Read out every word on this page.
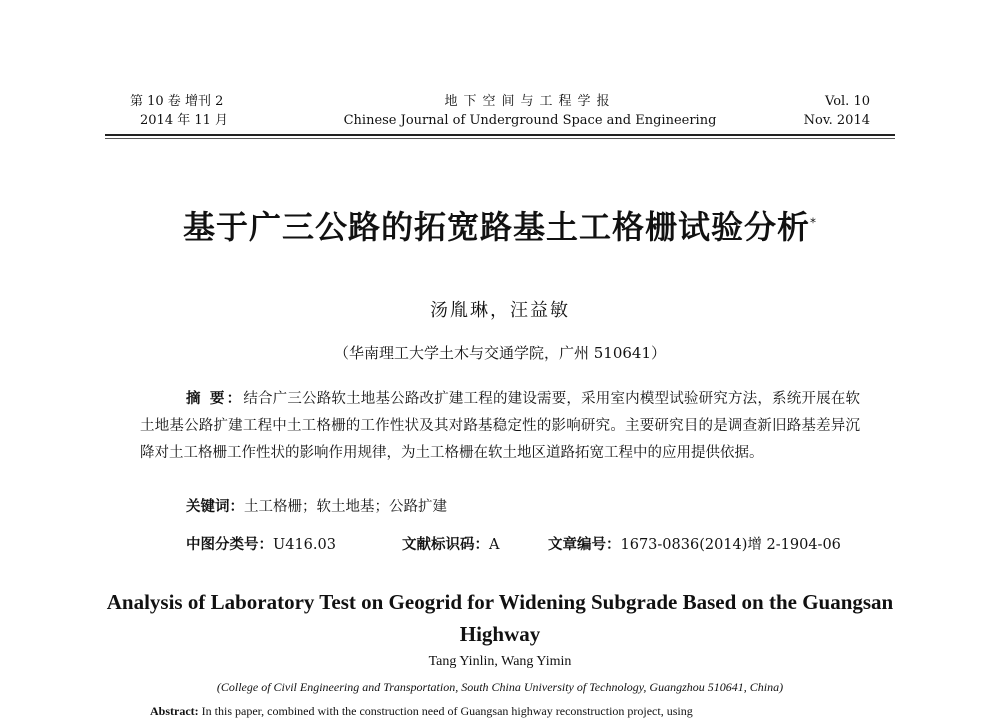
第 10 卷 增刊 2
2014 年 11 月
地下空间与工程学报
Chinese Journal of Underground Space and Engineering
Vol. 10
Nov. 2014
基于广三公路的拓宽路基土工格栅试验分析*
汤胤琳，汪益敏
（华南理工大学土木与交通学院，广州 510641）
摘 要：结合广三公路软土地基公路改扩建工程的建设需要，采用室内模型试验研究方法，系统开展在软土地基公路扩建工程中土工格栅的工作性状及其对路基稳定性的影响研究。主要研究目的是调查新旧路基差异沉降对土工格栅工作性状的影响作用规律，为土工格栅在软土地区道路拓宽工程中的应用提供依据。
关键词：土工格栅；软土地基；公路扩建
中图分类号：U416.03	文献标识码：A	文章编号：1673-0836(2014)增 2-1904-06
Analysis of Laboratory Test on Geogrid for Widening Subgrade Based on the Guangsan Highway
Tang Yinlin, Wang Yimin
(College of Civil Engineering and Transportation, South China University of Technology, Guangzhou 510641, China)
Abstract: In this paper, combined with the construction need of Guangsan highway reconstruction project, using
